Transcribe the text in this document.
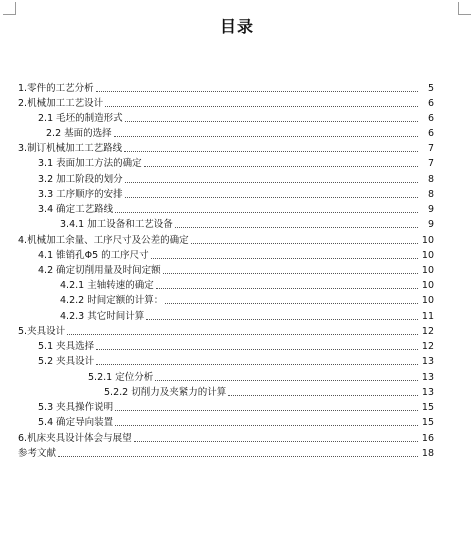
目录
1.零件的工艺分析	5
2.机械加工工艺设计	6
2.1 毛坯的制造形式	6
2.2 基面的选择	6
3.制订机械加工工艺路线	7
3.1 表面加工方法的确定	7
3.2 加工阶段的划分	8
3.3 工序顺序的安排	8
3.4 确定工艺路线	9
3.4.1 加工设备和工艺设备	9
4.机械加工余量、工序尺寸及公差的确定	10
4.1 锥销孔Φ5 的工序尺寸	10
4.2 确定切削用量及时间定额	10
4.2.1 主轴转速的确定	10
4.2.2 时间定额的计算：	10
4.2.3 其它时间计算	11
5.夹具设计	12
5.1 夹具选择	12
5.2 夹具设计	13
5.2.1 定位分析	13
5.2.2 切削力及夹紧力的计算	13
5.3 夹具操作说明	15
5.4 确定导向装置	15
6.机床夹具设计体会与展望	16
参考文献	18
